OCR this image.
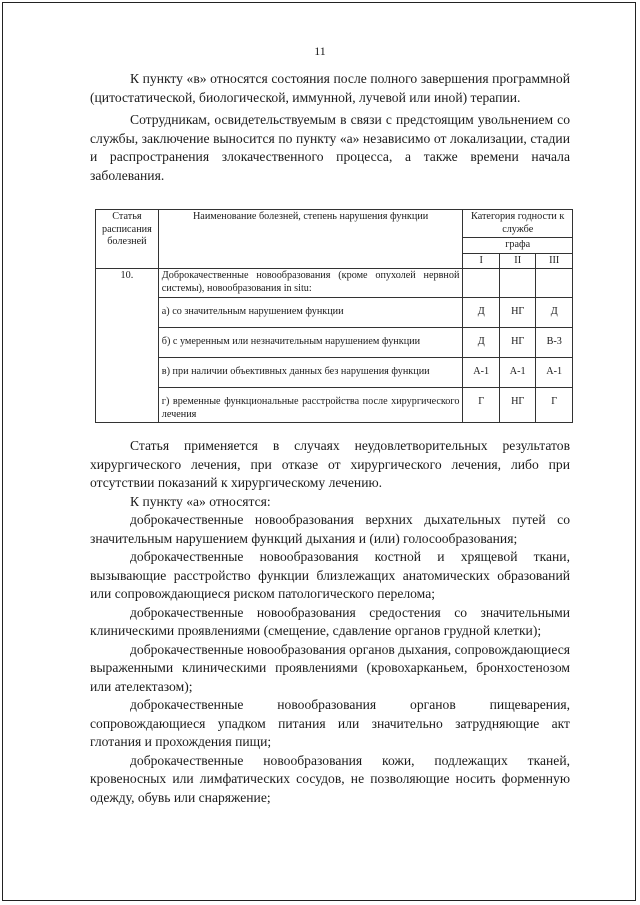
11

К пункту «в» относятся состояния после полного завершения программной (цитостатической, биологической, иммунной, лучевой или иной) терапии.

Сотрудникам, освидетельствуемым в связи с предстоящим увольнением со службы, заключение выносится по пункту «а» независимо от локализации, стадии и распространения злокачественного процесса, а также времени начала заболевания.

Статья расписания болезней	Наименование болезней, степень нарушения функции	Категория годности к службе		
		графа		
		I	II	III
10.	Доброкачественные новообразования (кроме опухолей нервной системы), новообразования in situ:			
	а) со значительным нарушением функции	Д	НГ	Д
	б) с умеренным или незначительным нарушением функции	Д	НГ	В-3
	в) при наличии объективных данных без нарушения функции	А-1	А-1	А-1
	г) временные функциональные расстройства после хирургического лечения	Г	НГ	Г

Статья применяется в случаях неудовлетворительных результатов хирургического лечения, при отказе от хирургического лечения, либо при отсутствии показаний к хирургическому лечению.

К пункту «а» относятся:

доброкачественные новообразования верхних дыхательных путей со значительным нарушением функций дыхания и (или) голосообразования;

доброкачественные новообразования костной и хрящевой ткани, вызывающие расстройство функции близлежащих анатомических образований или сопровождающиеся риском патологического перелома;

доброкачественные новообразования средостения со значительными клиническими проявлениями (смещение, сдавление органов грудной клетки);

доброкачественные новообразования органов дыхания, сопровождающиеся выраженными клиническими проявлениями (кровохарканьем, бронхостенозом или ателектазом);

доброкачественные новообразования органов пищеварения, сопровождающиеся упадком питания или значительно затрудняющие акт глотания и прохождения пищи;

доброкачественные новообразования кожи, подлежащих тканей, кровеносных или лимфатических сосудов, не позволяющие носить форменную одежду, обувь или снаряжение;
